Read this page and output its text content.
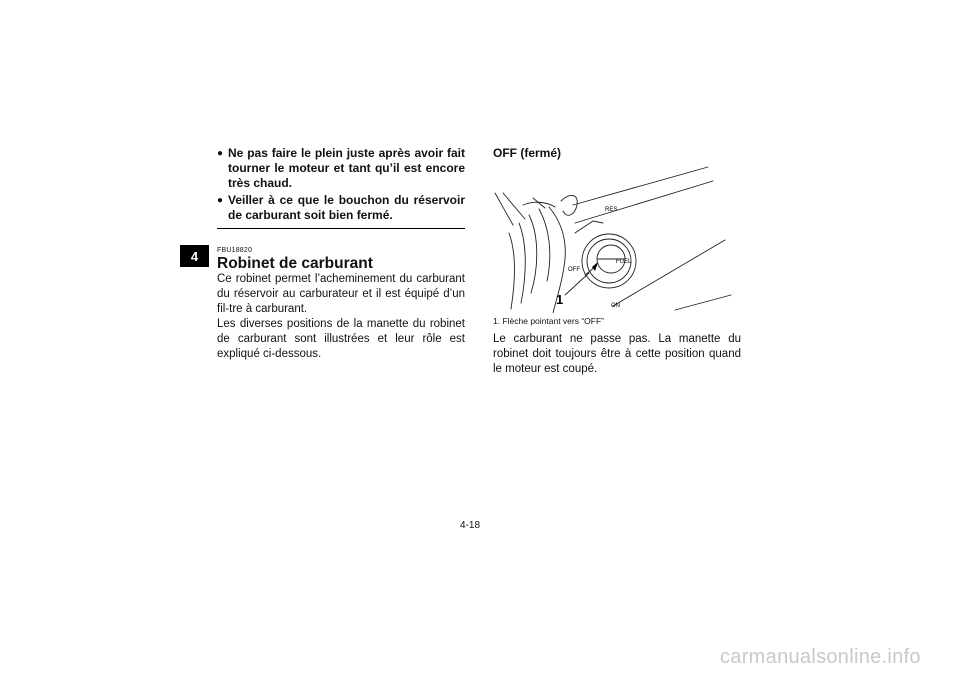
4
● Ne pas faire le plein juste après avoir fait tourner le moteur et tant qu’il est encore très chaud.
● Veiller à ce que le bouchon du réservoir de carburant soit bien fermé.
FBU18820
Robinet de carburant

Ce robinet permet l’acheminement du carburant du réservoir au carburateur et il est équipé d’un fil-tre à carburant.

Les diverses positions de la manette du robinet de carburant sont illustrées et leur rôle est expliqué ci-dessous.

OFF (fermé)
RES
OFF
FUEL
ON
1
1. Flèche pointant vers “OFF”

Le carburant ne passe pas. La manette du robinet doit toujours être à cette position quand le moteur est coupé.

4-18
carmanualsonline.info
